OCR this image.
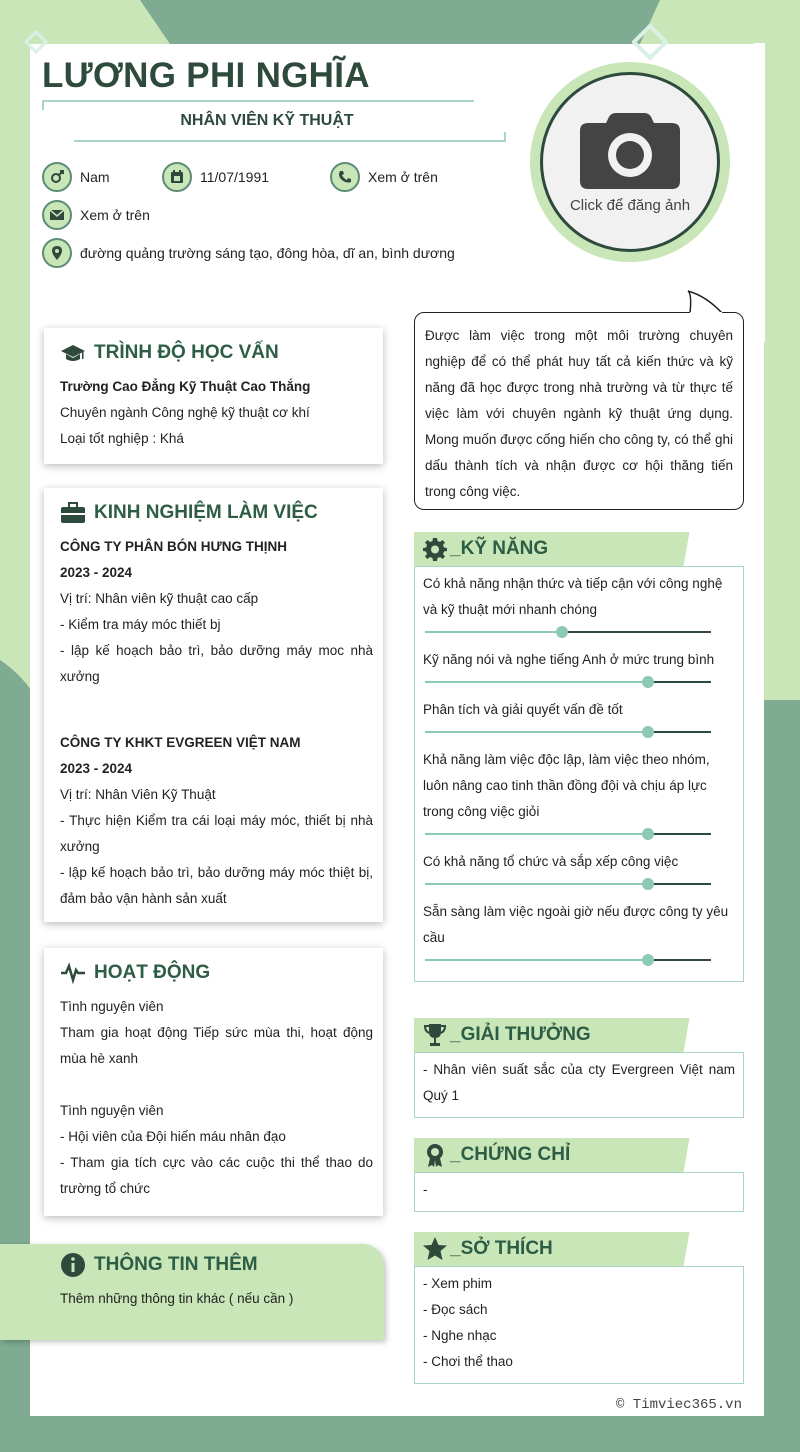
LƯƠNG PHI NGHĨA
NHÂN VIÊN KỸ THUẬT
Nam	11/07/1991	Xem ở trên
Xem ở trên
đường quảng trường sáng tạo, đông hòa, dĩ an, bình dương
Click để đăng ảnh
TRÌNH ĐỘ HỌC VẤN
Trường Cao Đẳng Kỹ Thuật Cao Thắng
Chuyên ngành Công nghệ kỹ thuật cơ khí
Loại tốt nghiệp : Khá
KINH NGHIỆM LÀM VIỆC
CÔNG TY PHÂN BÓN HƯNG THỊNH
2023 - 2024
Vị trí: Nhân viên kỹ thuật cao cấp
- Kiểm tra máy móc thiết bj
- lập kế hoạch bảo trì, bảo dưỡng máy moc nhà xưởng
CÔNG TY KHKT EVGREEN VIỆT NAM
2023 - 2024
Vị trí: Nhân Viên Kỹ Thuật
- Thực hiện Kiểm tra cái loại máy móc, thiết bị nhà xưởng
- lập kế hoạch bảo trì, bảo dưỡng máy móc thiệt bị, đảm bảo vận hành sản xuất
HOẠT ĐỘNG
Tình nguyện viên
Tham gia hoạt động Tiếp sức mùa thi, hoạt động mùa hè xanh
Tình nguyện viên
- Hội viên của Đội hiến máu nhân đạo
- Tham gia tích cực vào các cuộc thi thể thao do trường tổ chức
THÔNG TIN THÊM
Thêm những thông tin khác ( nếu cần )
Được làm việc trong một môi trường chuyên nghiệp để có thể phát huy tất cả kiến thức và kỹ năng đã học được trong nhà trường và từ thực tế việc làm với chuyên ngành kỹ thuật ứng dụng. Mong muốn được cống hiến cho công ty, có thể ghi dấu thành tích và nhận được cơ hội thăng tiến trong công việc.
_KỸ NĂNG
Có khả năng nhận thức và tiếp cận với công nghệ và kỹ thuật mới nhanh chóng
Kỹ năng nói và nghe tiếng Anh ở mức trung bình
Phân tích và giải quyết vấn đề tốt
Khả năng làm việc độc lập, làm việc theo nhóm, luôn nâng cao tinh thần đồng đội và chịu áp lực trong công việc giỏi
Có khả năng tổ chức và sắp xếp công việc
Sẵn sàng làm việc ngoài giờ nếu được công ty yêu cầu
_GIẢI THƯỞNG
- Nhân viên suất sắc của cty Evergreen Việt nam Quý 1
_CHỨNG CHỈ
-
_SỞ THÍCH
- Xem phim
- Đọc sách
- Nghe nhạc
- Chơi thể thao
© Timviec365.vn
